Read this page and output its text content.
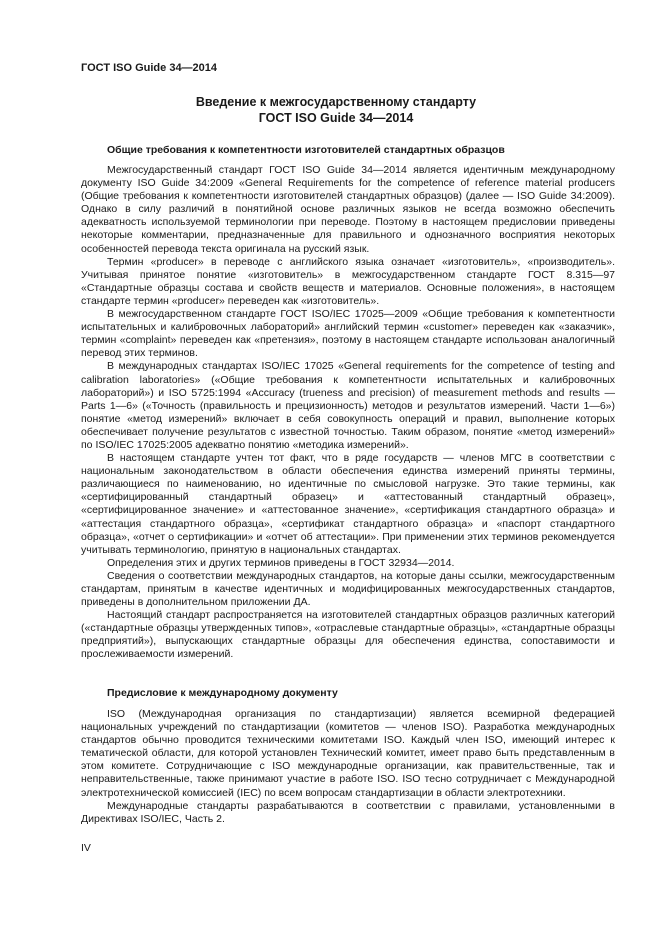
ГОСТ ISO Guide 34—2014
Введение к межгосударственному стандарту
ГОСТ ISO Guide 34—2014
Общие требования к компетентности изготовителей стандартных образцов

Межгосударственный стандарт ГОСТ ISO Guide 34—2014 является идентичным международному документу ISO Guide 34:2009 «General Requirements for the competence of reference material producers (Общие требования к компетентности изготовителей стандартных образцов) (далее — ISO Guide 34:2009). Однако в силу различий в понятийной основе различных языков не всегда возможно обеспечить адекватность используемой терминологии при переводе. Поэтому в настоящем предисловии приведены некоторые комментарии, предназначенные для правильного и однозначного восприятия некоторых особенностей перевода текста оригинала на русский язык.

Термин «producer» в переводе с английского языка означает «изготовитель», «производитель». Учитывая принятое понятие «изготовитель» в межгосударственном стандарте ГОСТ 8.315—97 «Стандартные образцы состава и свойств веществ и материалов. Основные положения», в настоящем стандарте термин «producer» переведен как «изготовитель».

В межгосударственном стандарте ГОСТ ISO/IEC 17025—2009 «Общие требования к компетентности испытательных и калибровочных лабораторий» английский термин «customer» переведен как «заказчик», термин «complaint» переведен как «претензия», поэтому в настоящем стандарте использован аналогичный перевод этих терминов.

В международных стандартах ISO/IEC 17025 «General requirements for the competence of testing and calibration laboratories» («Общие требования к компетентности испытательных и калибровочных лабораторий») и ISO 5725:1994 «Accuracy (trueness and precision) of measurement methods and results — Parts 1—6» («Точность (правильность и прецизионность) методов и результатов измерений. Части 1—6») понятие «метод измерений» включает в себя совокупность операций и правил, выполнение которых обеспечивает получение результатов с известной точностью. Таким образом, понятие «метод измерений» по ISO/IEC 17025:2005 адекватно понятию «методика измерений».

В настоящем стандарте учтен тот факт, что в ряде государств — членов МГС в соответствии с национальным законодательством в области обеспечения единства измерений приняты термины, различающиеся по наименованию, но идентичные по смысловой нагрузке. Это такие термины, как «сертифицированный стандартный образец» и «аттестованный стандартный образец», «сертифицированное значение» и «аттестованное значение», «сертификация стандартного образца» и «аттестация стандартного образца», «сертификат стандартного образца» и «паспорт стандартного образца», «отчет о сертификации» и «отчет об аттестации». При применении этих терминов рекомендуется учитывать терминологию, принятую в национальных стандартах.

Определения этих и других терминов приведены в ГОСТ 32934—2014.

Сведения о соответствии международных стандартов, на которые даны ссылки, межгосударственным стандартам, принятым в качестве идентичных и модифицированных межгосударственных стандартов, приведены в дополнительном приложении ДА.

Настоящий стандарт распространяется на изготовителей стандартных образцов различных категорий («стандартные образцы утвержденных типов», «отраслевые стандартные образцы», «стандартные образцы предприятий»), выпускающих стандартные образцы для обеспечения единства, сопоставимости и прослеживаемости измерений.

Предисловие к международному документу

ISO (Международная организация по стандартизации) является всемирной федерацией национальных учреждений по стандартизации (комитетов — членов ISO). Разработка международных стандартов обычно проводится техническими комитетами ISO. Каждый член ISO, имеющий интерес к тематической области, для которой установлен Технический комитет, имеет право быть представленным в этом комитете. Сотрудничающие с ISO международные организации, как правительственные, так и неправительственные, также принимают участие в работе ISO. ISO тесно сотрудничает с Международной электротехнической комиссией (IEC) по всем вопросам стандартизации в области электротехники.

Международные стандарты разрабатываются в соответствии с правилами, установленными в Директивах ISO/IEC, Часть 2.

IV
